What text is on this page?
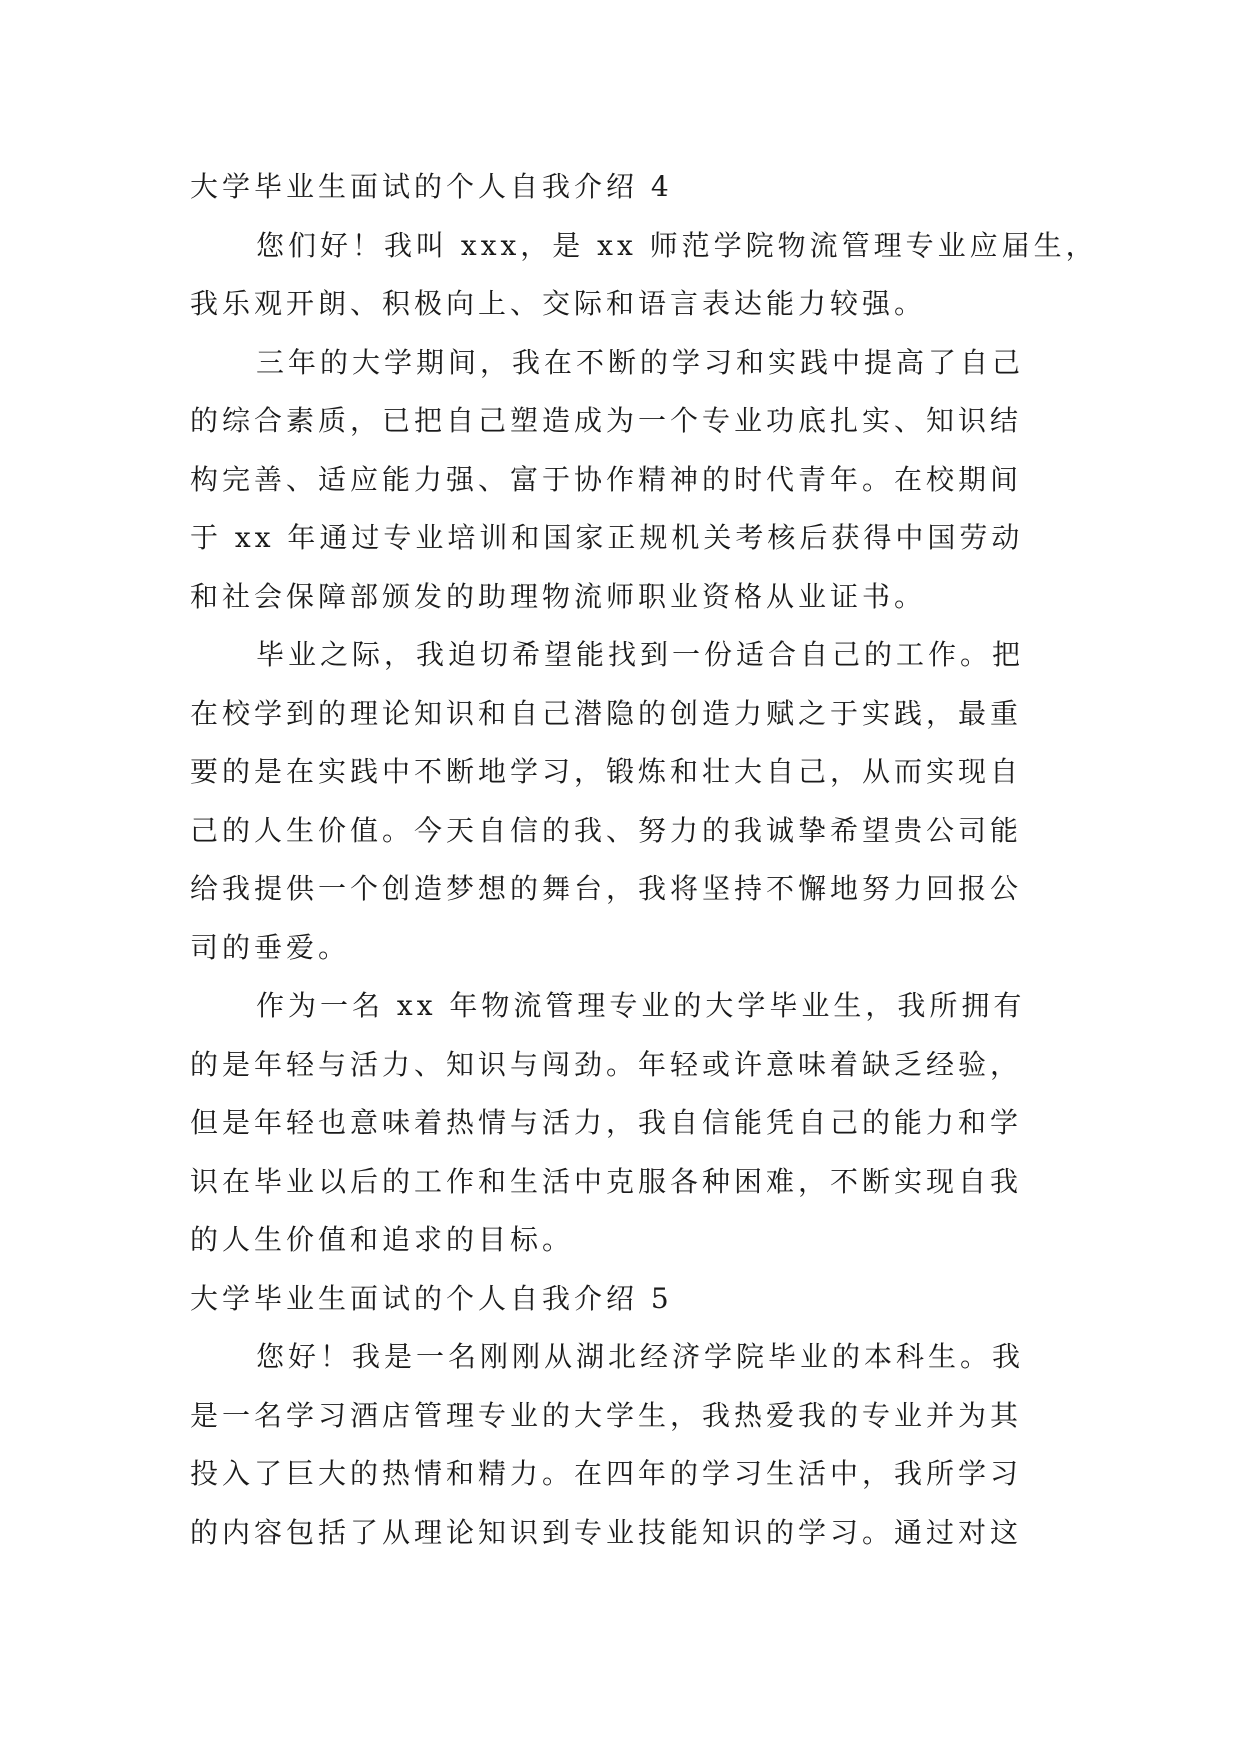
大学毕业生面试的个人自我介绍 4
您们好！我叫 xxx，是 xx 师范学院物流管理专业应届生，
我乐观开朗、积极向上、交际和语言表达能力较强。
三年的大学期间，我在不断的学习和实践中提高了自己
的综合素质，已把自己塑造成为一个专业功底扎实、知识结
构完善、适应能力强、富于协作精神的时代青年。在校期间
于 xx 年通过专业培训和国家正规机关考核后获得中国劳动
和社会保障部颁发的助理物流师职业资格从业证书。
毕业之际，我迫切希望能找到一份适合自己的工作。把
在校学到的理论知识和自己潜隐的创造力赋之于实践，最重
要的是在实践中不断地学习，锻炼和壮大自己，从而实现自
己的人生价值。今天自信的我、努力的我诚挚希望贵公司能
给我提供一个创造梦想的舞台，我将坚持不懈地努力回报公
司的垂爱。
作为一名 xx 年物流管理专业的大学毕业生，我所拥有
的是年轻与活力、知识与闯劲。年轻或许意味着缺乏经验，
但是年轻也意味着热情与活力，我自信能凭自己的能力和学
识在毕业以后的工作和生活中克服各种困难，不断实现自我
的人生价值和追求的目标。
大学毕业生面试的个人自我介绍 5
您好！我是一名刚刚从湖北经济学院毕业的本科生。我
是一名学习酒店管理专业的大学生，我热爱我的专业并为其
投入了巨大的热情和精力。在四年的学习生活中，我所学习
的内容包括了从理论知识到专业技能知识的学习。通过对这
